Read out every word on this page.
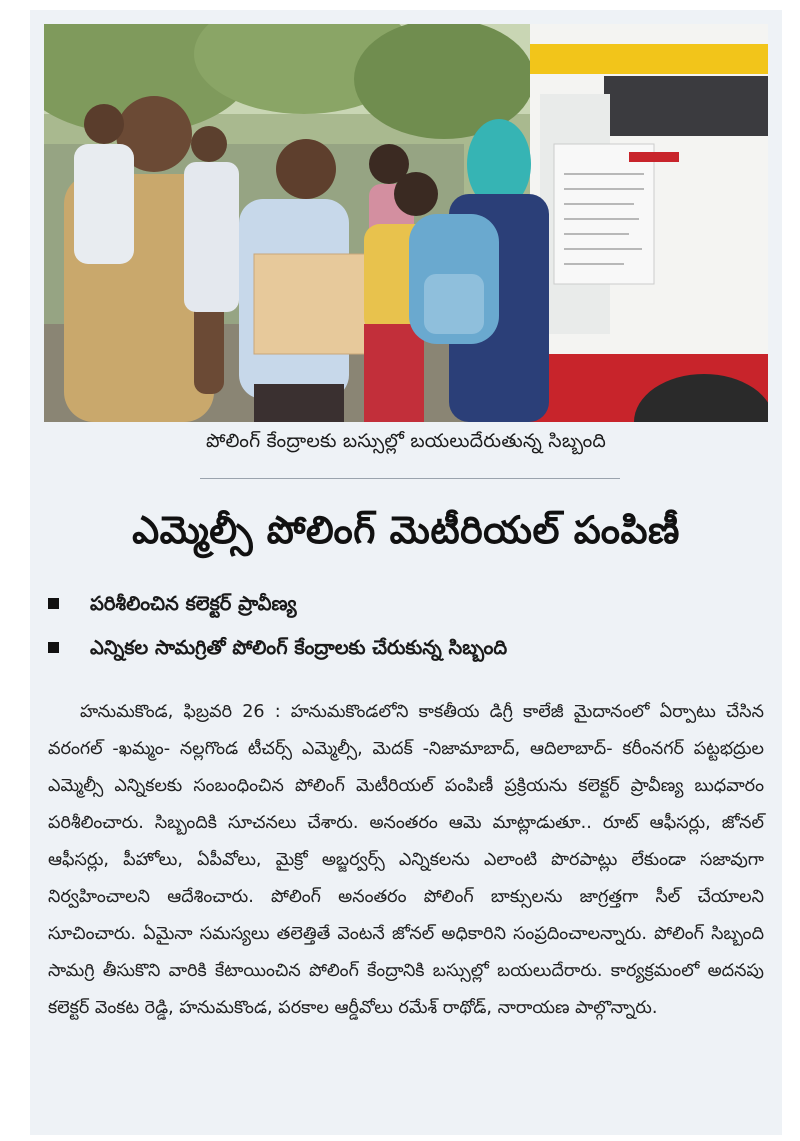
పోలింగ్‌ కేంద్రాలకు బస్సుల్లో బయలుదేరుతున్న సిబ్బంది
ఎమ్మెల్సీ పోలింగ్‌ మెటీరియల్‌ పంపిణీ
పరిశీలించిన కలెక్టర్‌ ప్రావీణ్య
ఎన్నికల సామగ్రితో పోలింగ్‌ కేంద్రాలకు చేరుకున్న సిబ్బంది

హనుమకొండ, ఫిబ్రవరి 26 : హనుమకొండలోని కాకతీయ డిగ్రీ కాలేజీ మైదానంలో ఏర్పాటు చేసిన వరంగల్‌ -ఖమ్మం- నల్లగొండ టీచర్స్‌ ఎమ్మెల్సీ, మెదక్‌ -నిజామాబాద్‌, ఆదిలాబాద్‌- కరీంనగర్‌ పట్టభద్రుల ఎమ్మెల్సీ ఎన్నికలకు సంబంధించిన పోలింగ్‌ మెటీరియల్‌ పంపిణీ ప్రక్రియను కలెక్టర్‌ ప్రావీణ్య బుధవారం పరిశీలించారు. సిబ్బందికి సూచనలు చేశారు. అనంతరం ఆమె మాట్లాడుతూ.. రూట్‌ ఆఫీసర్లు, జోనల్‌ ఆఫీసర్లు, పీహోలు, ఏపీవోలు, మైక్రో అబ్జర్వర్స్‌ ఎన్నికలను ఎలాంటి పొరపాట్లు లేకుండా సజావుగా నిర్వహించాలని ఆదేశించారు. పోలింగ్‌ అనంతరం పోలింగ్‌ బాక్సులను జాగ్రత్తగా సీల్‌ చేయాలని సూచించారు. ఏమైనా సమస్యలు తలెత్తితే వెంటనే జోనల్‌ అధికారిని సంప్రదించాలన్నారు. పోలింగ్‌ సిబ్బంది సామగ్రి తీసుకొని వారికి కేటాయించిన పోలింగ్‌ కేంద్రానికి బస్సుల్లో బయలుదేరారు. కార్యక్రమంలో అదనపు కలెక్టర్‌ వెంకట రెడ్డి, హనుమకొండ, పరకాల ఆర్డీవోలు రమేశ్‌ రాథోడ్‌, నారాయణ పాల్గొన్నారు.
